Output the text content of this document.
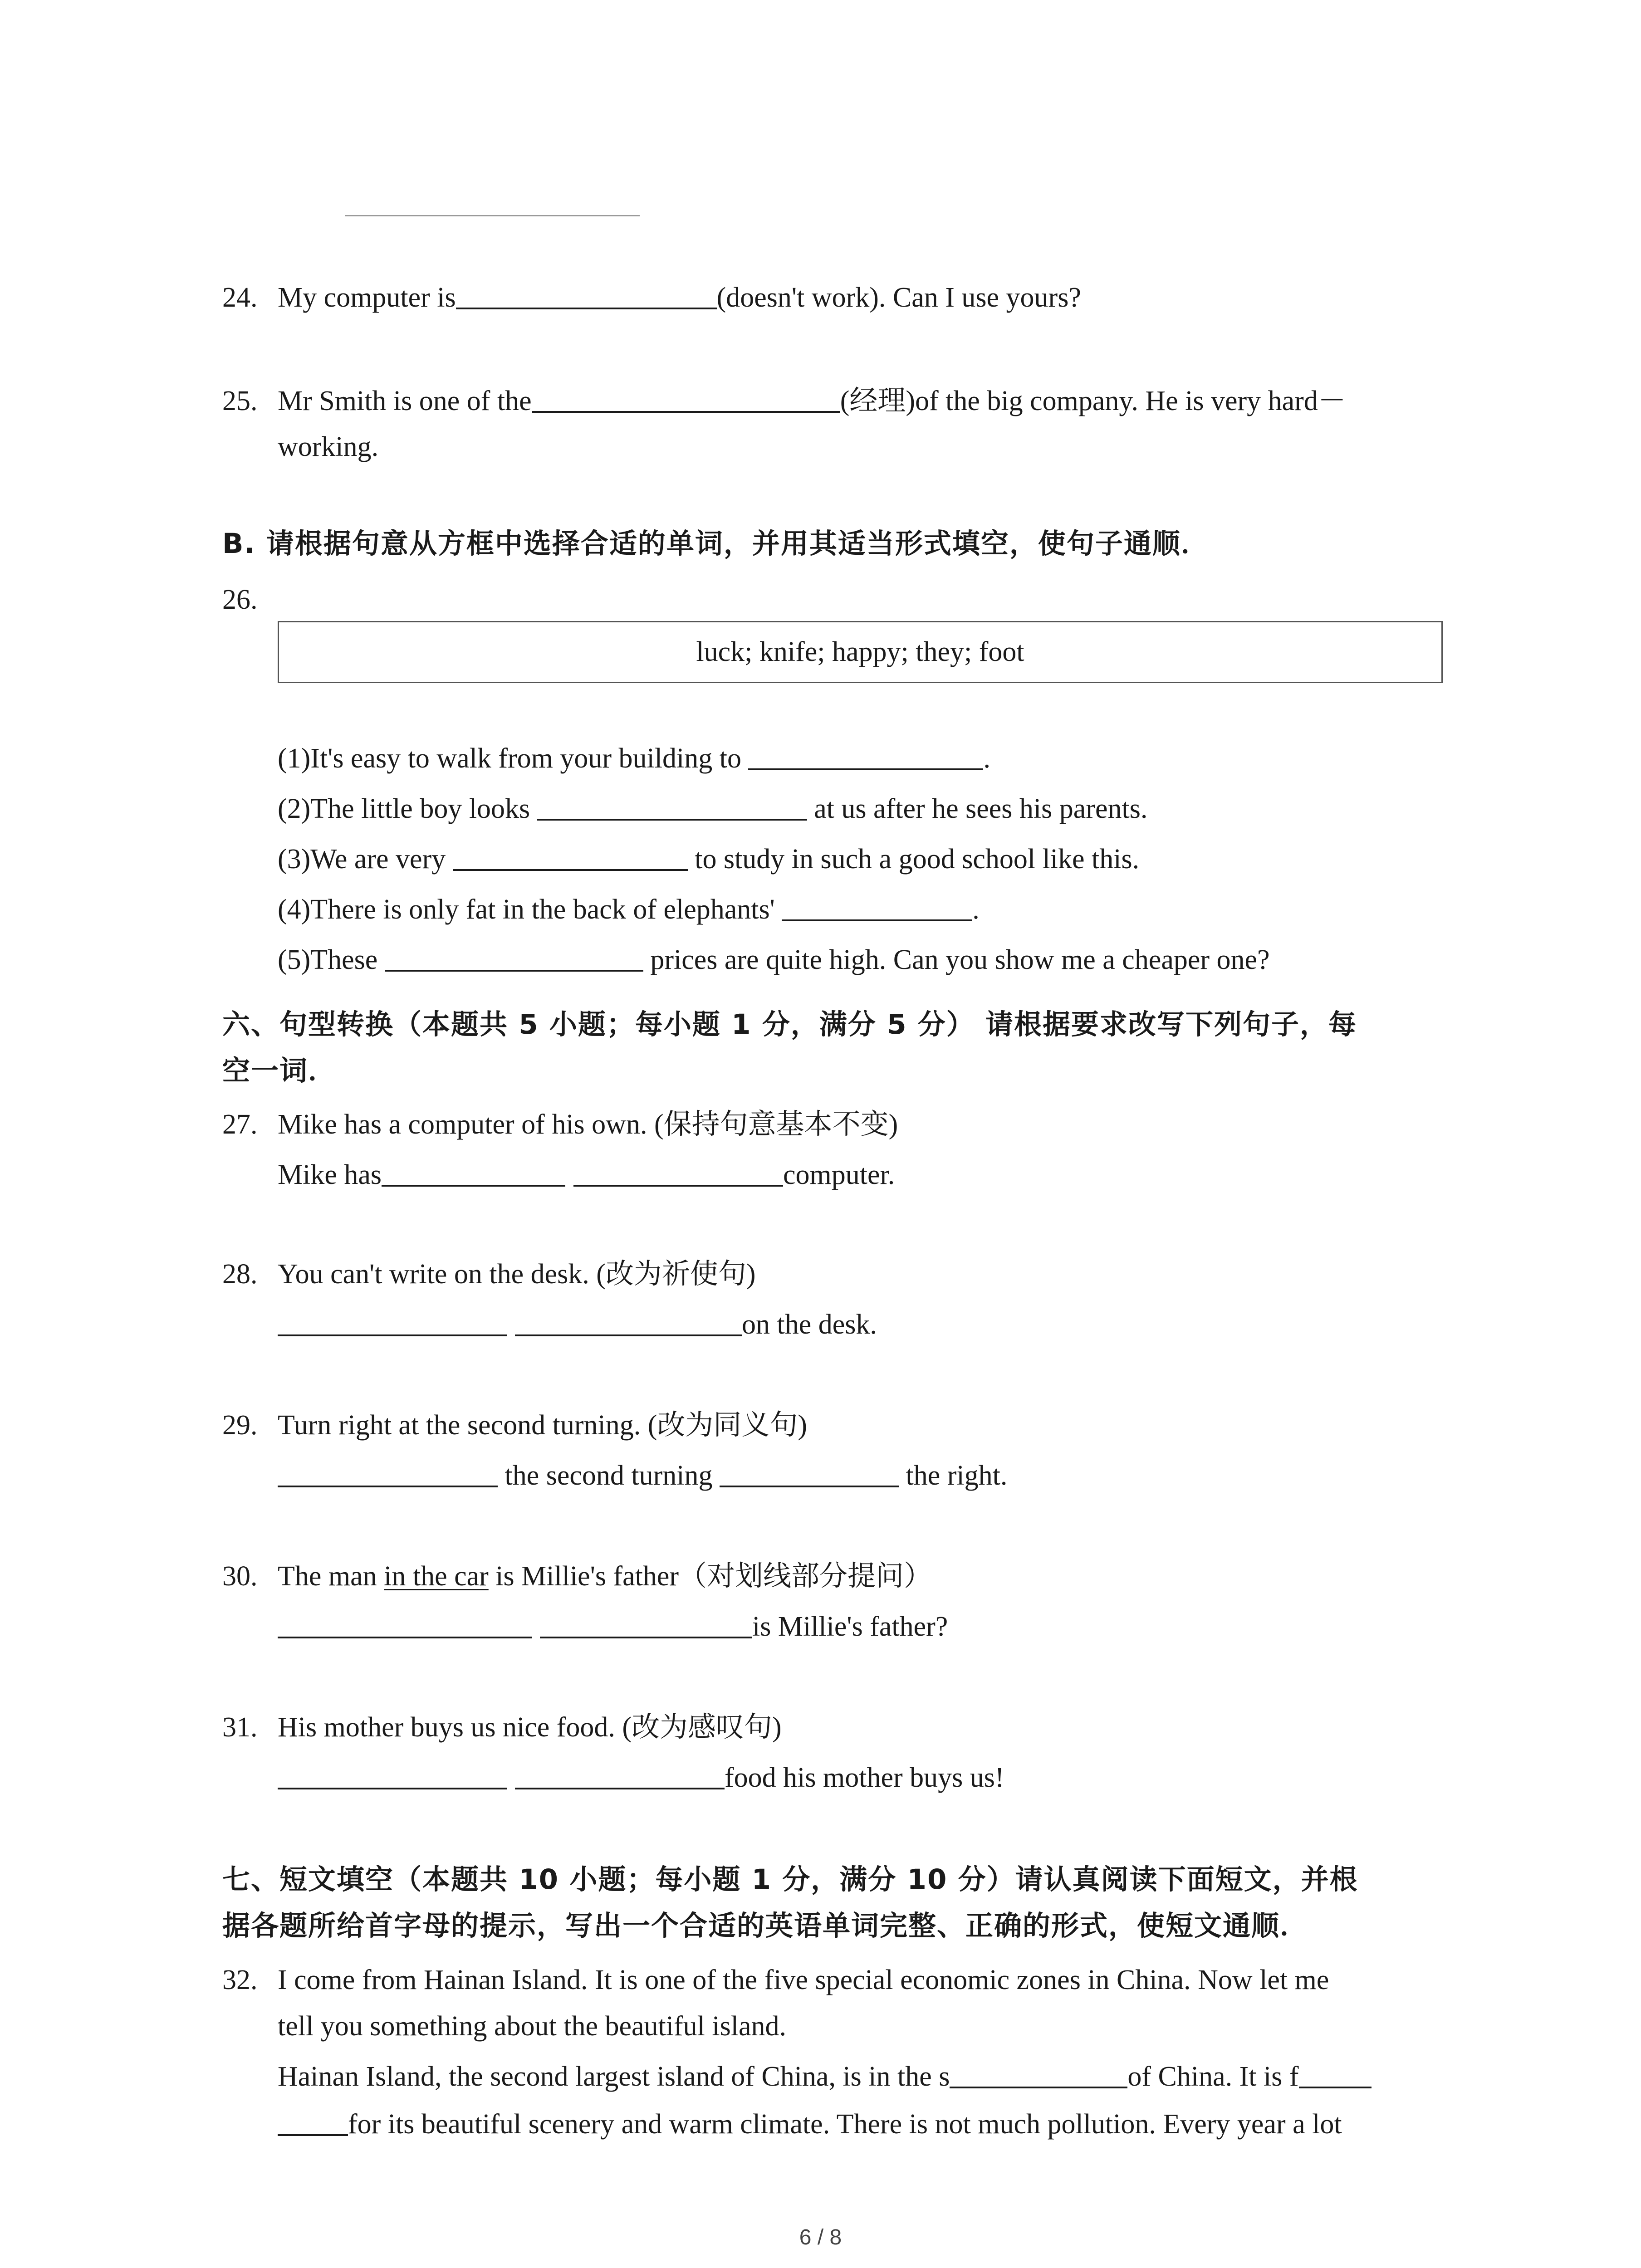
24. My computer is	(doesn't work). Can I use yours?
25. Mr Smith is one of the	(经理)of the big company. He is very hard－
working.
B. 请根据句意从方框中选择合适的单词，并用其适当形式填空，使句子通顺．
26.
luck; knife; happy; they; foot
(1)It's easy to walk from your building to	.
(2)The little boy looks	at us after he sees his parents.
(3)We are very	to study in such a good school like this.
(4)There is only fat in the back of elephants'	.
(5)These	prices are quite high. Can you show me a cheaper one?
六、句型转换（本题共 5 小题；每小题 1 分，满分 5 分） 请根据要求改写下列句子，每
空一词．
27. Mike has a computer of his own. (保持句意基本不变)
Mike has	computer.
28. You can't write on the desk. (改为祈使句)
on the desk.
29. Turn right at the second turning. (改为同义句)
the second turning	the right.
30. The man in the car is Millie's father（对划线部分提问）
is Millie's father?
31. His mother buys us nice food. (改为感叹句)
food his mother buys us!
七、短文填空（本题共 10 小题；每小题 1 分，满分 10 分）请认真阅读下面短文，并根
据各题所给首字母的提示，写出一个合适的英语单词完整、正确的形式，使短文通顺．
32. I come from Hainan Island. It is one of the five special economic zones in China. Now let me
tell you something about the beautiful island.
Hainan Island, the second largest island of China, is in the s	of China. It is f
for its beautiful scenery and warm climate. There is not much pollution. Every year a lot
6 / 8
